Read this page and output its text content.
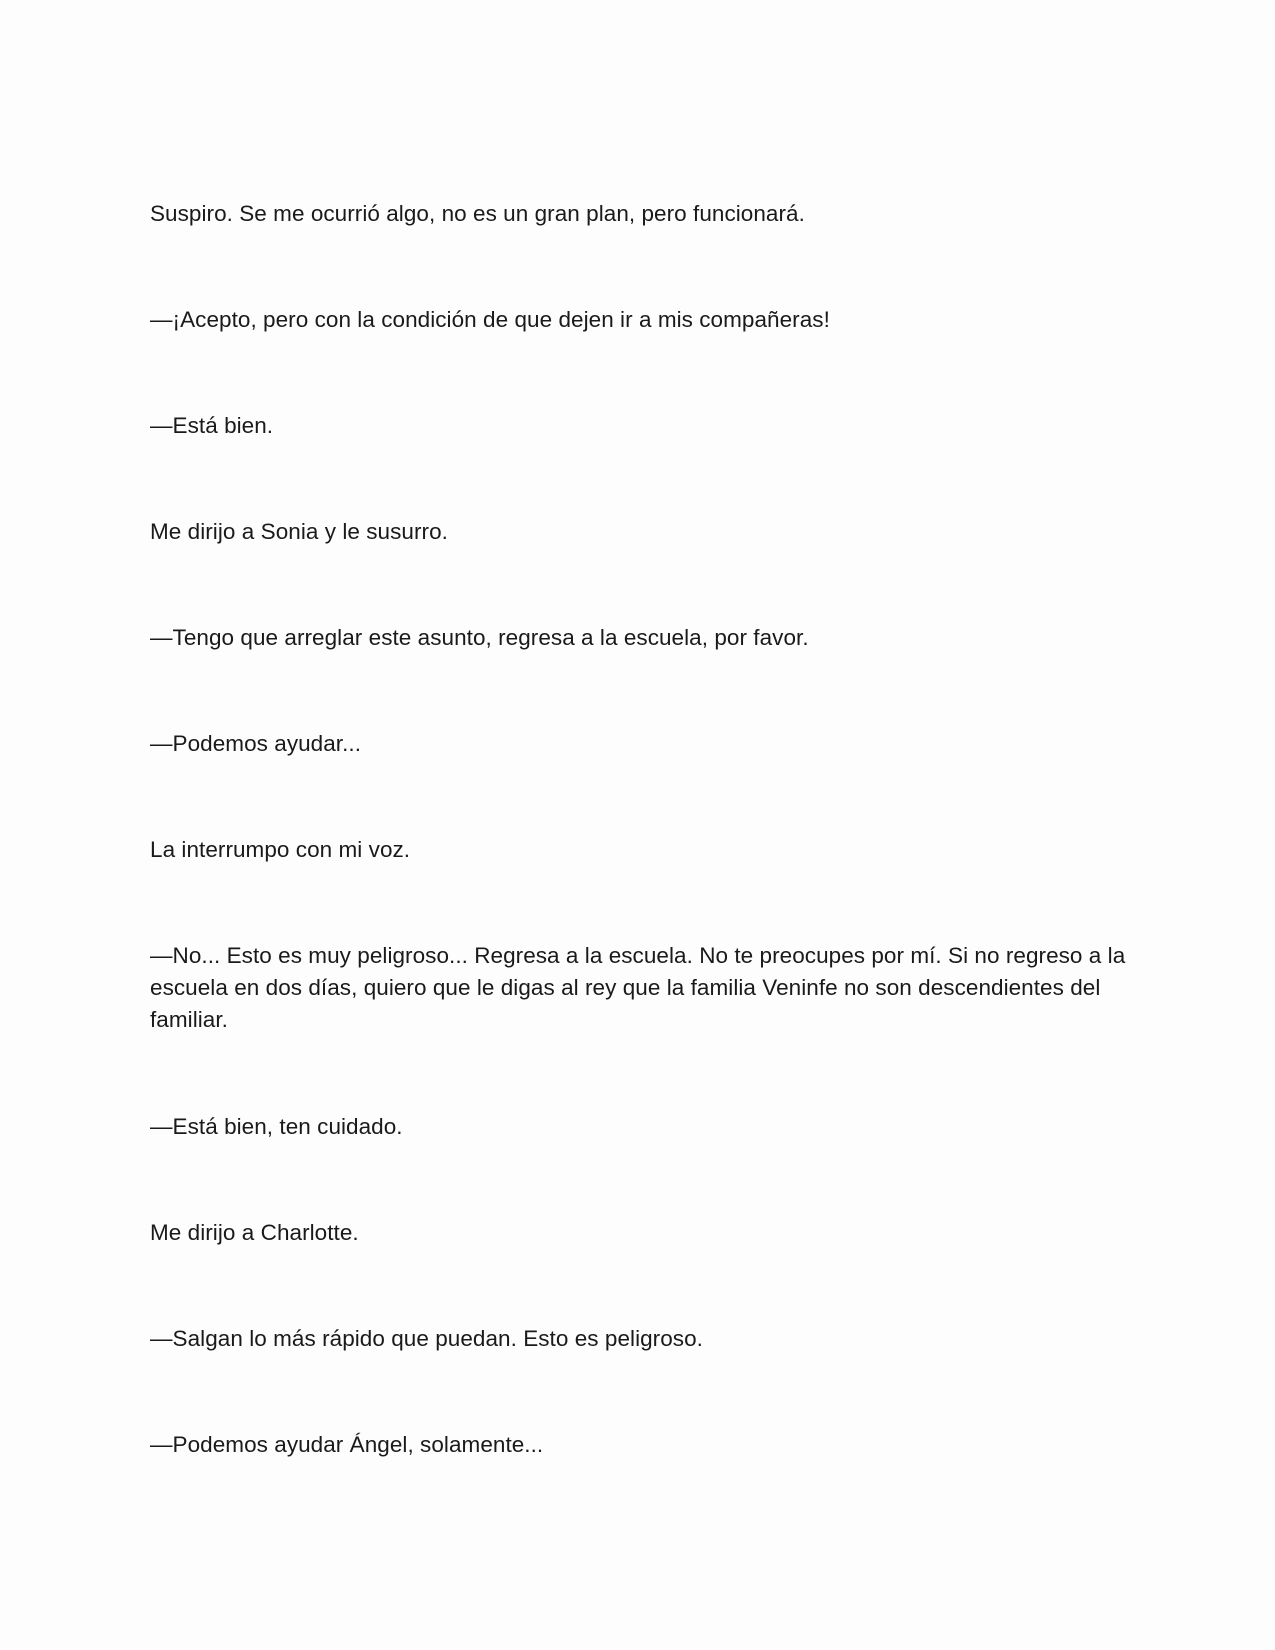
Suspiro. Se me ocurrió algo, no es un gran plan, pero funcionará.

—¡Acepto, pero con la condición de que dejen ir a mis compañeras!

—Está bien.

Me dirijo a Sonia y le susurro.

—Tengo que arreglar este asunto, regresa a la escuela, por favor.

—Podemos ayudar...

La interrumpo con mi voz.

—No... Esto es muy peligroso... Regresa a la escuela. No te preocupes por mí. Si no regreso a la escuela en dos días, quiero que le digas al rey que la familia Veninfe no son descendientes del familiar.

—Está bien, ten cuidado.

Me dirijo a Charlotte.

—Salgan lo más rápido que puedan. Esto es peligroso.

—Podemos ayudar Ángel, solamente...
